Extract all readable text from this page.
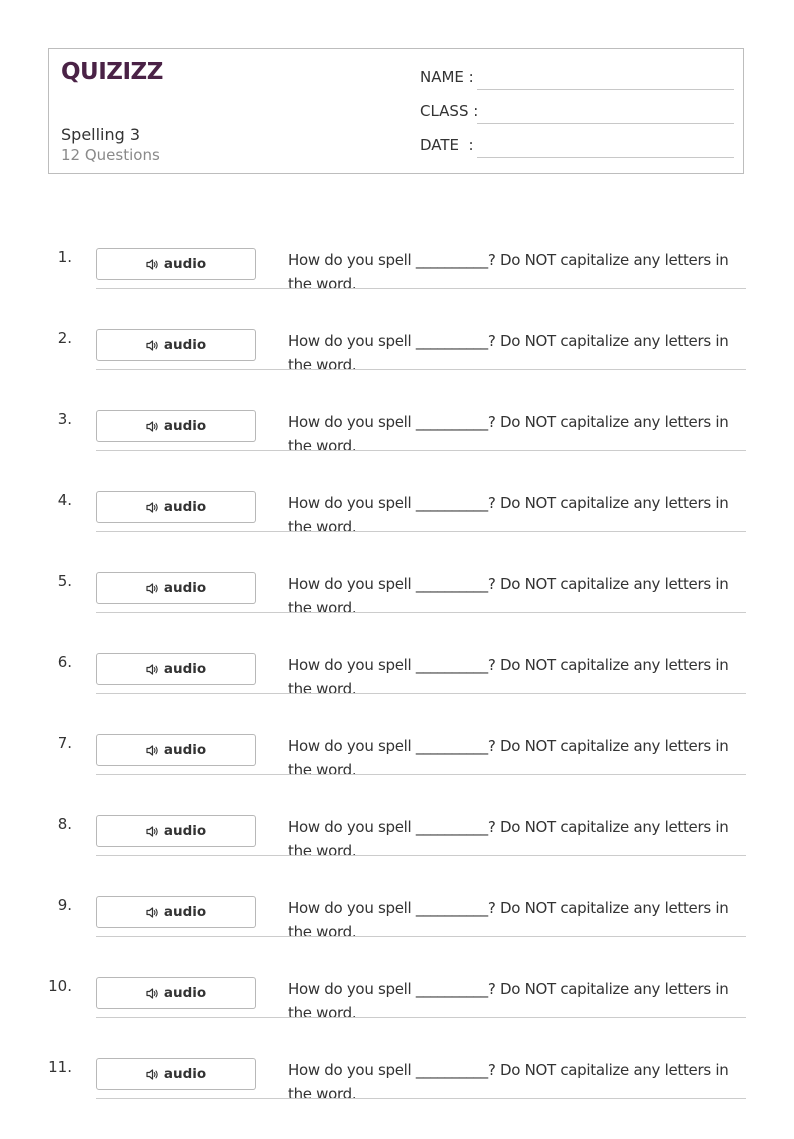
QUIZIZZ
Spelling 3
12 Questions
NAME :
CLASS :
DATE  :
1.	audio	How do you spell __________? Do NOT capitalize any letters in the word.
2.	audio	How do you spell __________? Do NOT capitalize any letters in the word.
3.	audio	How do you spell __________? Do NOT capitalize any letters in the word.
4.	audio	How do you spell __________? Do NOT capitalize any letters in the word.
5.	audio	How do you spell __________? Do NOT capitalize any letters in the word.
6.	audio	How do you spell __________? Do NOT capitalize any letters in the word.
7.	audio	How do you spell __________? Do NOT capitalize any letters in the word.
8.	audio	How do you spell __________? Do NOT capitalize any letters in the word.
9.	audio	How do you spell __________? Do NOT capitalize any letters in the word.
10.	audio	How do you spell __________? Do NOT capitalize any letters in the word.
11.	audio	How do you spell __________? Do NOT capitalize any letters in the word.
